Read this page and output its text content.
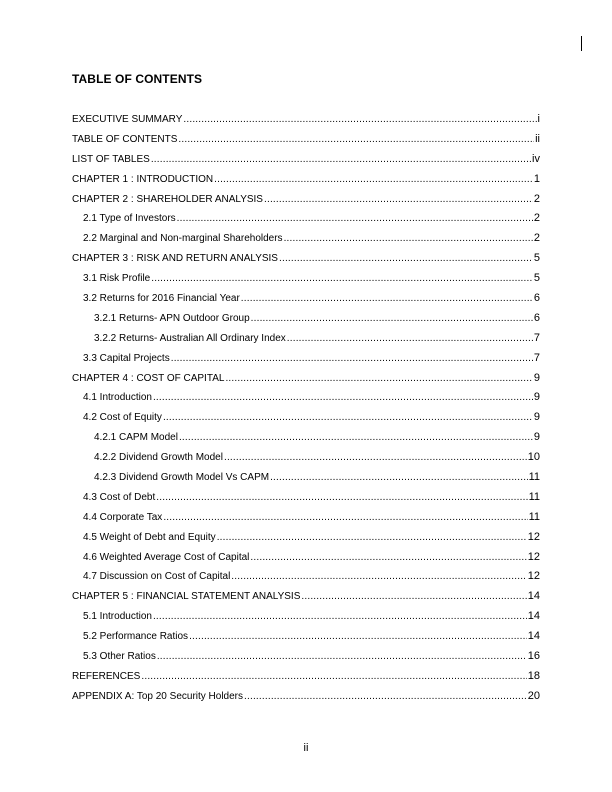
TABLE OF CONTENTS
EXECUTIVE SUMMARY .....	i
TABLE OF CONTENTS .....	ii
LIST OF TABLES .....	iv
CHAPTER 1 : INTRODUCTION .....	1
CHAPTER 2 : SHAREHOLDER ANALYSIS .....	2
2.1 Type of Investors .....	2
2.2 Marginal and Non-marginal Shareholders .....	2
CHAPTER 3 : RISK AND RETURN ANALYSIS .....	5
3.1 Risk Profile .....	5
3.2 Returns for 2016 Financial Year .....	6
3.2.1 Returns- APN Outdoor Group .....	6
3.2.2 Returns- Australian All Ordinary Index .....	7
3.3 Capital Projects .....	7
CHAPTER 4 : COST OF CAPITAL .....	9
4.1 Introduction .....	9
4.2 Cost of Equity .....	9
4.2.1 CAPM Model .....	9
4.2.2 Dividend Growth Model .....	10
4.2.3 Dividend Growth Model Vs CAPM .....	11
4.3 Cost of Debt .....	11
4.4 Corporate Tax .....	11
4.5 Weight of Debt and Equity .....	12
4.6 Weighted Average Cost of Capital .....	12
4.7 Discussion on Cost of Capital .....	12
CHAPTER 5 : FINANCIAL STATEMENT ANALYSIS .....	14
5.1 Introduction .....	14
5.2 Performance Ratios .....	14
5.3 Other Ratios .....	16
REFERENCES .....	18
APPENDIX A: Top 20 Security Holders .....	20
ii
